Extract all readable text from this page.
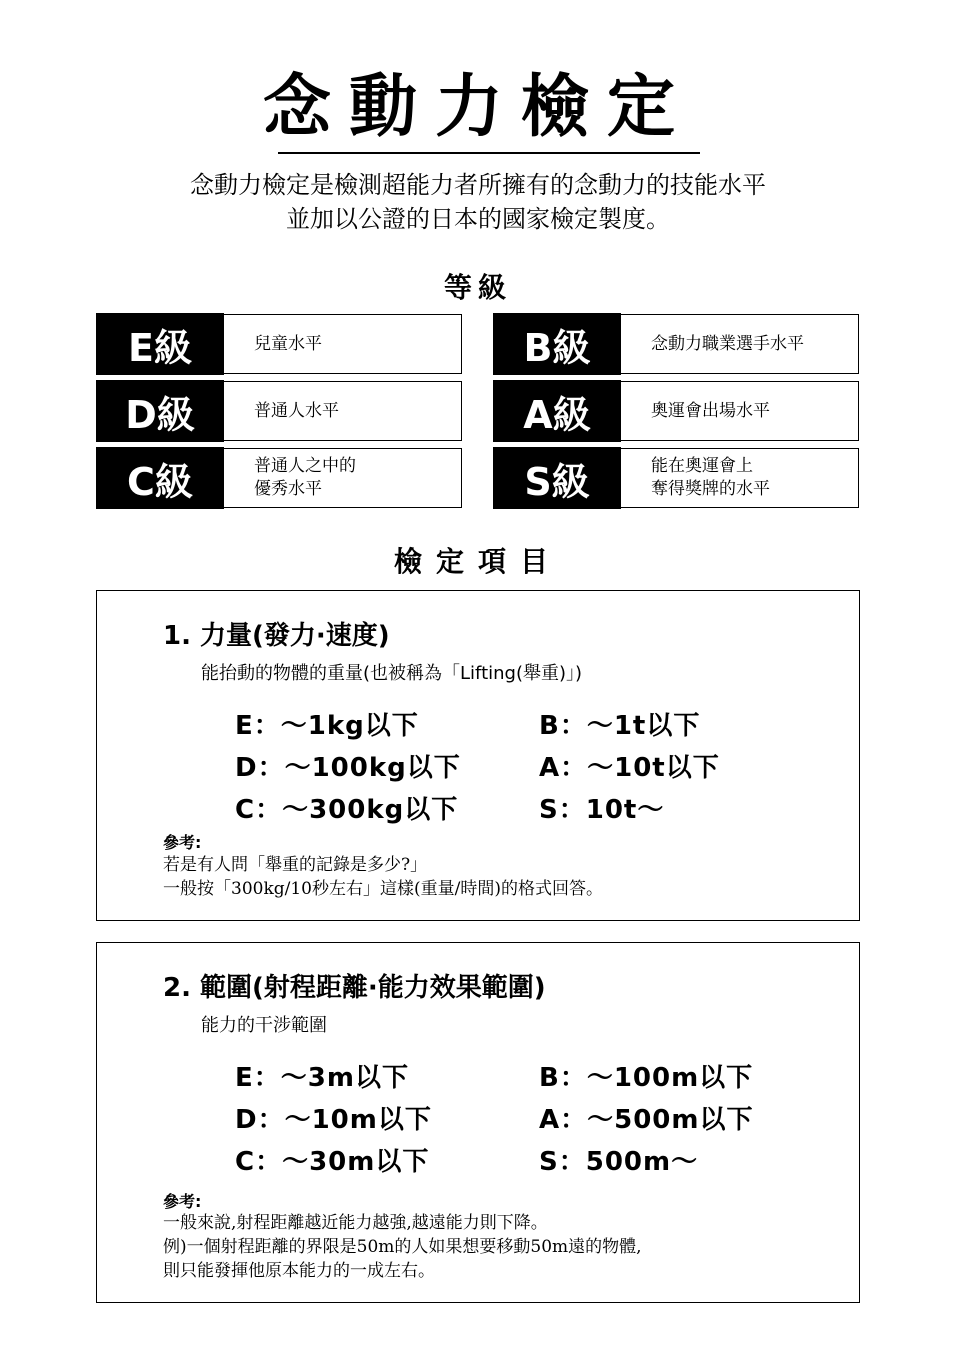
念動力檢定
念動力檢定是檢測超能力者所擁有的念動力的技能水平
並加以公證的日本的國家檢定製度。
等級
E級	兒童水平
D級	普通人水平
C級	普通人之中的
優秀水平
B級	念動力職業選手水平
A級	奧運會出場水平
S級	能在奧運會上
奪得獎牌的水平
檢定項目
1. 力量(發力·速度)
能抬動的物體的重量(也被稱為「Lifting(舉重)」)
E：～1kg以下
D：～100kg以下
C：～300kg以下
B：～1t以下
A：～10t以下
S：10t～
參考:
若是有人問「舉重的記錄是多少?」
一般按「300kg/10秒左右」這樣(重量/時間)的格式回答。
2. 範圍(射程距離·能力效果範圍)
能力的干涉範圍
E：～3m以下
D：～10m以下
C：～30m以下
B：～100m以下
A：～500m以下
S：500m～
參考:
一般來說,射程距離越近能力越強,越遠能力則下降。
例)一個射程距離的界限是50m的人如果想要移動50m遠的物體,
則只能發揮他原本能力的一成左右。
